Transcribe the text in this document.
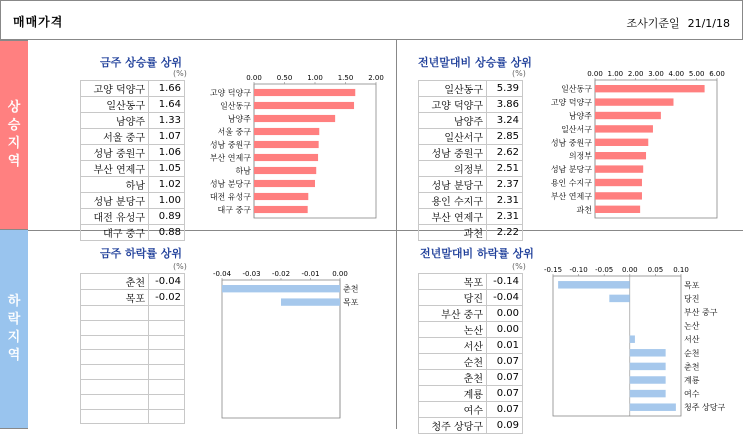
매매가격	조사기준일 21/1/18
상승지역
하락지역
금주 상승률 상위
(%)
고양 덕양구	1.66
일산동구	1.64
남양주	1.33
서울 중구	1.07
성남 중원구	1.06
부산 연제구	1.05
하남	1.02
성남 분당구	1.00
대전 유성구	0.89
대구 중구	0.88
0.00 0.50 1.00 1.50 2.00
고양 덕양구
일산동구
남양주
서울 중구
성남 중원구
부산 연제구
하남
성남 분당구
대전 유성구
대구 중구
전년말대비 상승률 상위
(%)
일산동구	5.39
고양 덕양구	3.86
남양주	3.24
일산서구	2.85
성남 중원구	2.62
의정부	2.51
성남 분당구	2.37
용인 수지구	2.31
부산 연제구	2.31
과천	2.22
0.00 1.00 2.00 3.00 4.00 5.00 6.00
일산동구
고양 덕양구
남양주
일산서구
성남 중원구
의정부
성남 분당구
용인 수지구
부산 연제구
과천
금주 하락률 상위
(%)
춘천	-0.04
목포	-0.02

-0.04 -0.03 -0.02 -0.01 0.00
춘천
목포
전년말대비 하락률 상위
(%)
목포	-0.14
당진	-0.04
부산 중구	0.00
논산	0.00
서산	0.01
순천	0.07
춘천	0.07
계룡	0.07
여수	0.07
청주 상당구	0.09
-0.15 -0.10 -0.05 0.00 0.05 0.10
목포
당진
부산 중구
논산
서산
순천
춘천
계룡
여수
청주 상당구
